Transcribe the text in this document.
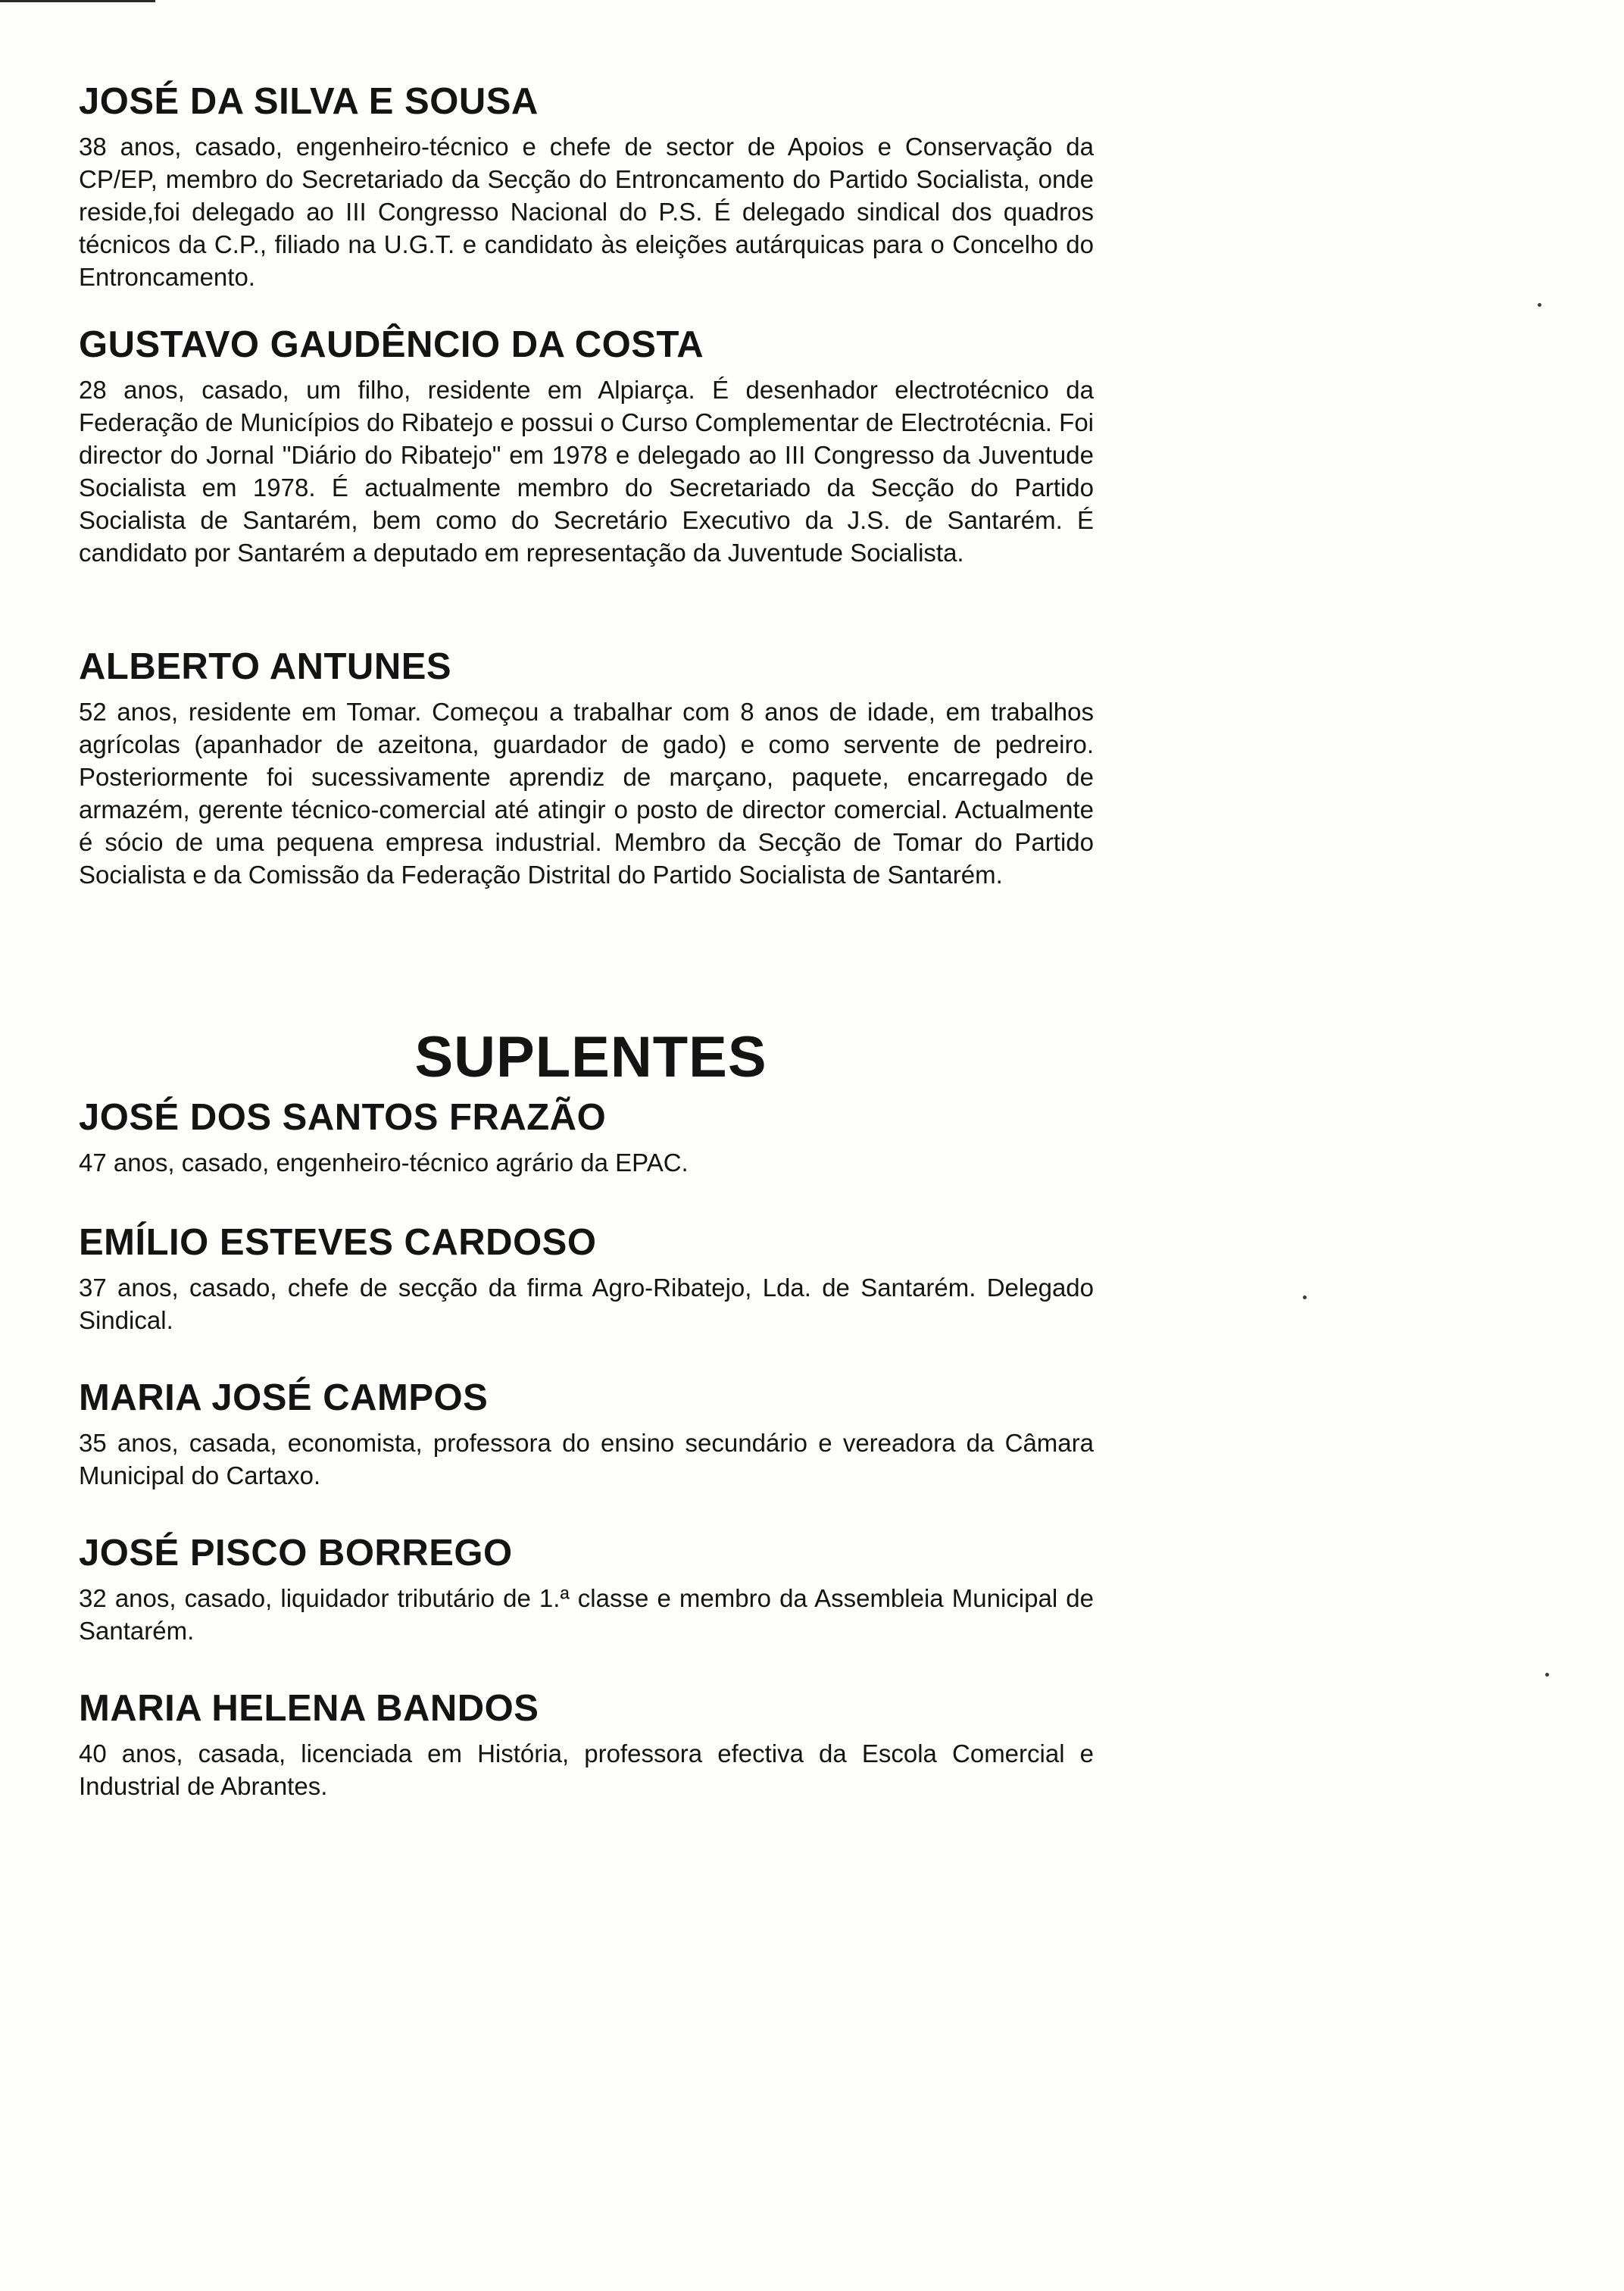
JOSÉ DA SILVA E SOUSA

38 anos, casado, engenheiro-técnico e chefe de sector de Apoios e Conservação da CP/EP, membro do Secretariado da Secção do Entroncamento do Partido Socialista, onde reside,foi delegado ao III Congresso Nacional do P.S. É delegado sindical dos quadros técnicos da C.P., filiado na U.G.T. e candidato às eleições autárquicas para o Concelho do Entroncamento.

GUSTAVO GAUDÊNCIO DA COSTA

28 anos, casado, um filho, residente em Alpiarça. É desenhador electrotécnico da Federação de Municípios do Ribatejo e possui o Curso Complementar de Electrotécnia. Foi director do Jornal "Diário do Ribatejo" em 1978 e delegado ao III Congresso da Juventude Socialista em 1978. É actualmente membro do Secretariado da Secção do Partido Socialista de Santarém, bem como do Secretário Executivo da J.S. de Santarém. É candidato por Santarém a deputado em representação da Juventude Socialista.

ALBERTO ANTUNES

52 anos, residente em Tomar. Começou a trabalhar com 8 anos de idade, em trabalhos agrícolas (apanhador de azeitona, guardador de gado) e como servente de pedreiro. Posteriormente foi sucessivamente aprendiz de marçano, paquete, encarregado de armazém, gerente técnico-comercial até atingir o posto de director comercial. Actualmente é sócio de uma pequena empresa industrial. Membro da Secção de Tomar do Partido Socialista e da Comissão da Federação Distrital do Partido Socialista de Santarém.

SUPLENTES
JOSÉ DOS SANTOS FRAZÃO

47 anos, casado, engenheiro-técnico agrário da EPAC.

EMÍLIO ESTEVES CARDOSO

37 anos, casado, chefe de secção da firma Agro-Ribatejo, Lda. de Santarém. Delegado Sindical.

MARIA JOSÉ CAMPOS

35 anos, casada, economista, professora do ensino secundário e vereadora da Câmara Municipal do Cartaxo.

JOSÉ PISCO BORREGO

32 anos, casado, liquidador tributário de 1.ª classe e membro da Assembleia Municipal de Santarém.

MARIA HELENA BANDOS

40 anos, casada, licenciada em História, professora efectiva da Escola Comercial e Industrial de Abrantes.
